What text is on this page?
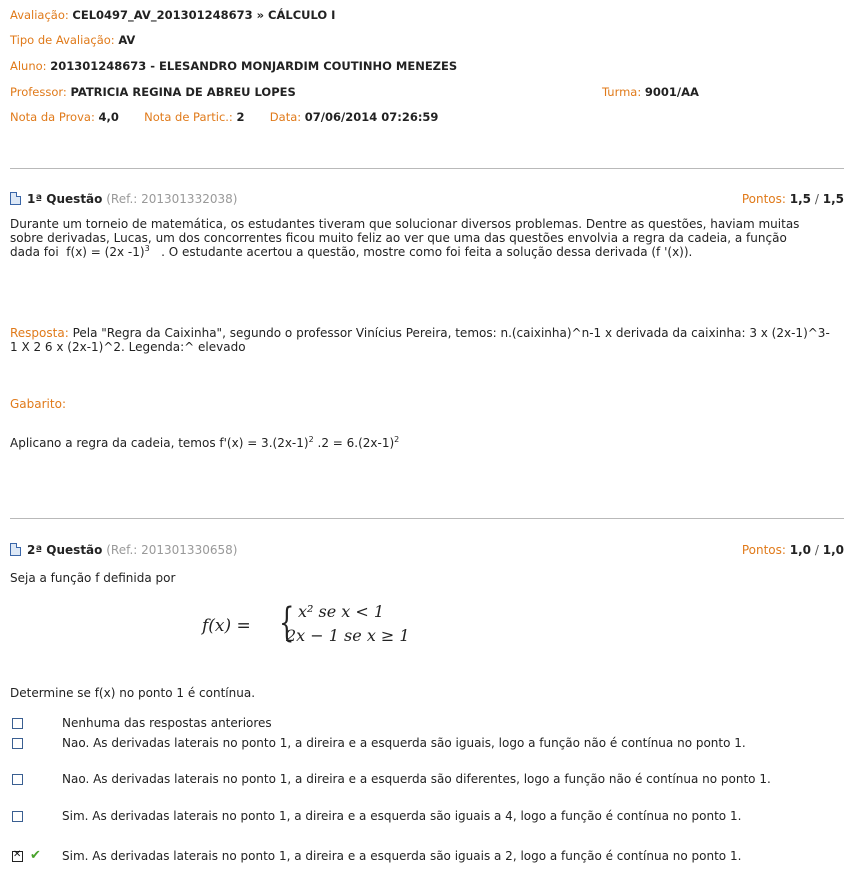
Avaliação: CEL0497_AV_201301248673 » CÁLCULO I
Tipo de Avaliação: AV
Aluno: 201301248673 - ELESANDRO MONJARDIM COUTINHO MENEZES
Professor: PATRICIA REGINA DE ABREU LOPES	Turma: 9001/AA
Nota da Prova: 4,0 Nota de Partic.: 2 Data: 07/06/2014 07:26:59
1ª Questão (Ref.: 201301332038)	Pontos: 1,5 / 1,5
Durante um torneio de matemática, os estudantes tiveram que solucionar diversos problemas. Dentre as questões, haviam muitas sobre derivadas, Lucas, um dos concorrentes ficou muito feliz ao ver que uma das questões envolvia a regra da cadeia, a função dada foi f(x) = (2x -1)$^3$ . O estudante acertou a questão, mostre como foi feita a solução dessa derivada (f '(x)).
Resposta: Pela "Regra da Caixinha", segundo o professor Vinícius Pereira, temos: n.(caixinha)^n-1 x derivada da caixinha: 3 x (2x-1)^3-1 X 2 6 x (2x-1)^2. Legenda:^ elevado
Gabarito:
Aplicano a regra da cadeia, temos $f'(x) = 3.(2x-1)^2$ $.2 = 6.(2x-1)^2$
2ª Questão (Ref.: 201301330658)	Pontos: 1,0 / 1,0
Seja a função f definida por
f(x) = { x² se x < 1
2x − 1 se x ≥ 1
Determine se f(x) no ponto 1 é contínua.
Nenhuma das respostas anteriores
Nao. As derivadas laterais no ponto 1, a direira e a esquerda são iguais, logo a função não é contínua no ponto 1.
Nao. As derivadas laterais no ponto 1, a direira e a esquerda são diferentes, logo a função não é contínua no ponto 1.
Sim. As derivadas laterais no ponto 1, a direira e a esquerda são iguais a 4, logo a função é contínua no ponto 1.
✕
✔ Sim. As derivadas laterais no ponto 1, a direira e a esquerda são iguais a 2, logo a função é contínua no ponto 1.
